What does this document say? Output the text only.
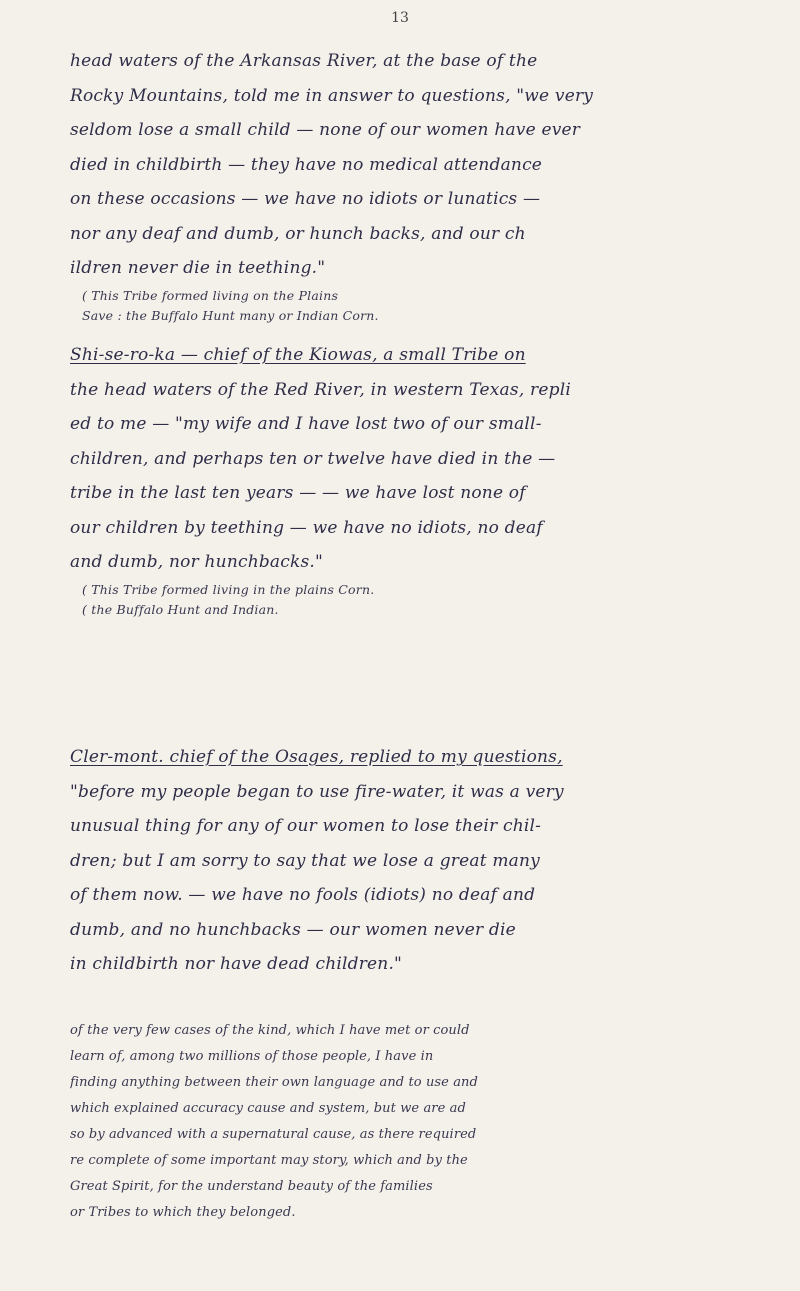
13
head waters of the Arkansas River, at the base of the
Rocky Mountains, told me in answer to questions, "we very
seldom lose a small child — none of our women have ever
died in childbirth — they have no medical attendance
on these occasions — we have no idiots or lunatics —
nor any deaf and dumb, or hunch backs, and our ch
ildren never die in teething."
( This Tribe formed living on the Plains
Save : the Buffalo Hunt many or Indian Corn.
Shi-se-ro-ka — chief of the Kiowas, a small Tribe on
the head waters of the Red River, in western Texas, repli
ed to me — "my wife and I have lost two of our small-
children, and perhaps ten or twelve have died in the —
tribe in the last ten years — — we have lost none of
our children by teething — we have no idiots, no deaf
and dumb, nor hunchbacks."
( This Tribe formed living in the plains Corn.
( the Buffalo Hunt and Indian.
Cler-mont. chief of the Osages, replied to my questions,
"before my people began to use fire-water, it was a very
unusual thing for any of our women to lose their chil-
dren; but I am sorry to say that we lose a great many
of them now. — we have no fools (idiots) no deaf and
dumb, and no hunchbacks — our women never die
in childbirth nor have dead children."
of the very few cases of the kind, which I have met or could
learn of, among two millions of those people, I have in
finding anything between their own language and to use and
which explained accuracy cause and system, but we are ad
so by advanced with a supernatural cause, as there required
re complete of some important may story, which and by the
Great Spirit, for the understand beauty of the families
or Tribes to which they belonged.
